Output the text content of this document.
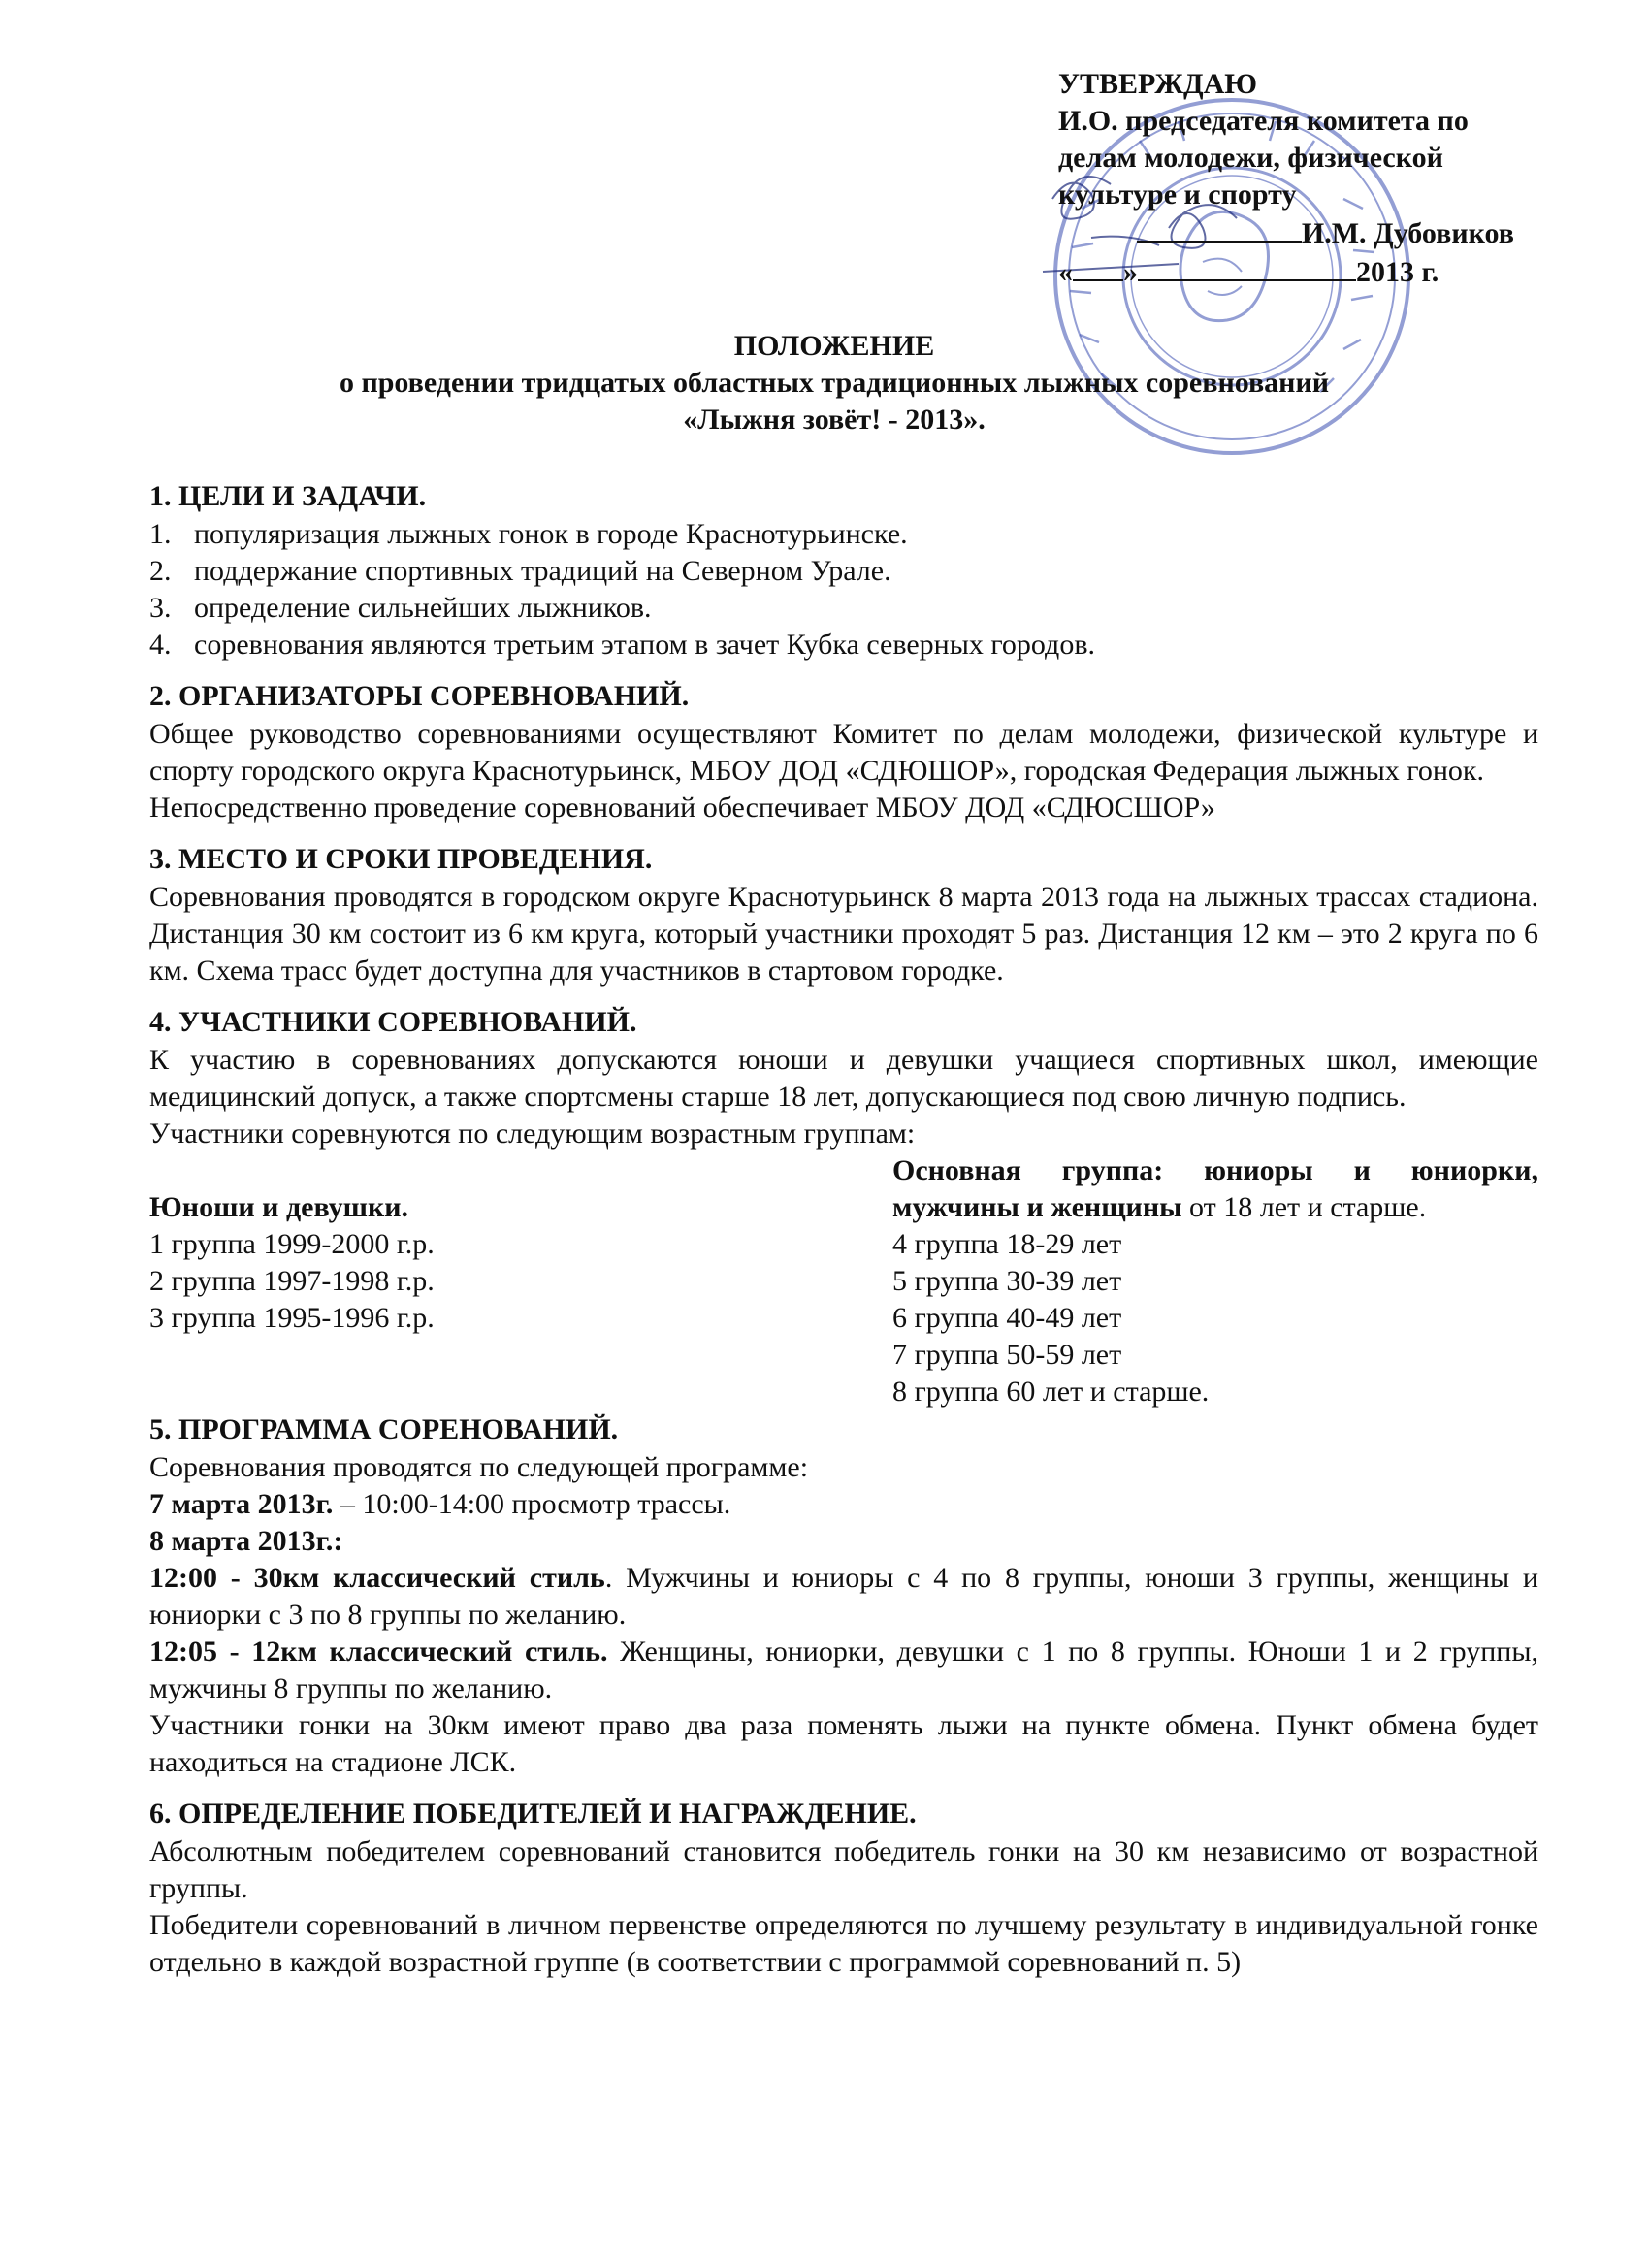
УТВЕРЖДАЮ
И.О. председателя комитета по
делам молодежи, физической
культуре и спорту
И.М. Дубовиков
« »	2013 г.
ПОЛОЖЕНИЕ
о проведении тридцатых областных традиционных лыжных соревнований
«Лыжня зовёт! - 2013».
1. ЦЕЛИ И ЗАДАЧИ.
1. популяризация лыжных гонок в городе Краснотурьинске.
2. поддержание спортивных традиций на Северном Урале.
3. определение сильнейших лыжников.
4. соревнования являются третьим этапом в зачет Кубка северных городов.
2. ОРГАНИЗАТОРЫ СОРЕВНОВАНИЙ.

Общее руководство соревнованиями осуществляют Комитет по делам молодежи, физической культуре и спорту городского округа Краснотурьинск, МБОУ ДОД «СДЮШОР», городская Федерация лыжных гонок.

Непосредственно проведение соревнований обеспечивает МБОУ ДОД «СДЮСШОР»

3. МЕСТО И СРОКИ ПРОВЕДЕНИЯ.

Соревнования проводятся в городском округе Краснотурьинск 8 марта 2013 года на лыжных трассах стадиона. Дистанция 30 км состоит из 6 км круга, который участники проходят 5 раз. Дистанция 12 км – это 2 круга по 6 км. Схема трасс будет доступна для участников в стартовом городке.

4. УЧАСТНИКИ СОРЕВНОВАНИЙ.

К участию в соревнованиях допускаются юноши и девушки учащиеся спортивных школ, имеющие медицинский допуск, а также спортсмены старше 18 лет, допускающиеся под свою личную подпись.

Участники соревнуются по следующим возрастным группам:

Юноши и девушки.
1 группа 1999-2000 г.р.
2 группа 1997-1998 г.р.
3 группа 1995-1996 г.р.
Основная группа: юниоры и юниорки,
мужчины и женщины от 18 лет и старше.
4 группа 18-29 лет
5 группа 30-39 лет
6 группа 40-49 лет
7 группа 50-59 лет
8 группа 60 лет и старше.
5. ПРОГРАММА СОРЕНОВАНИЙ.

Соревнования проводятся по следующей программе:

7 марта 2013г. – 10:00-14:00 просмотр трассы.

8 марта 2013г.:

12:00 - 30км классический стиль. Мужчины и юниоры с 4 по 8 группы, юноши 3 группы, женщины и юниорки с 3 по 8 группы по желанию.

12:05 - 12км классический стиль. Женщины, юниорки, девушки с 1 по 8 группы. Юноши 1 и 2 группы, мужчины 8 группы по желанию.

Участники гонки на 30км имеют право два раза поменять лыжи на пункте обмена. Пункт обмена будет находиться на стадионе ЛСК.

6. ОПРЕДЕЛЕНИЕ ПОБЕДИТЕЛЕЙ И НАГРАЖДЕНИЕ.

Абсолютным победителем соревнований становится победитель гонки на 30 км независимо от возрастной группы.

Победители соревнований в личном первенстве определяются по лучшему результату в индивидуальной гонке отдельно в каждой возрастной группе (в соответствии с программой соревнований п. 5)
